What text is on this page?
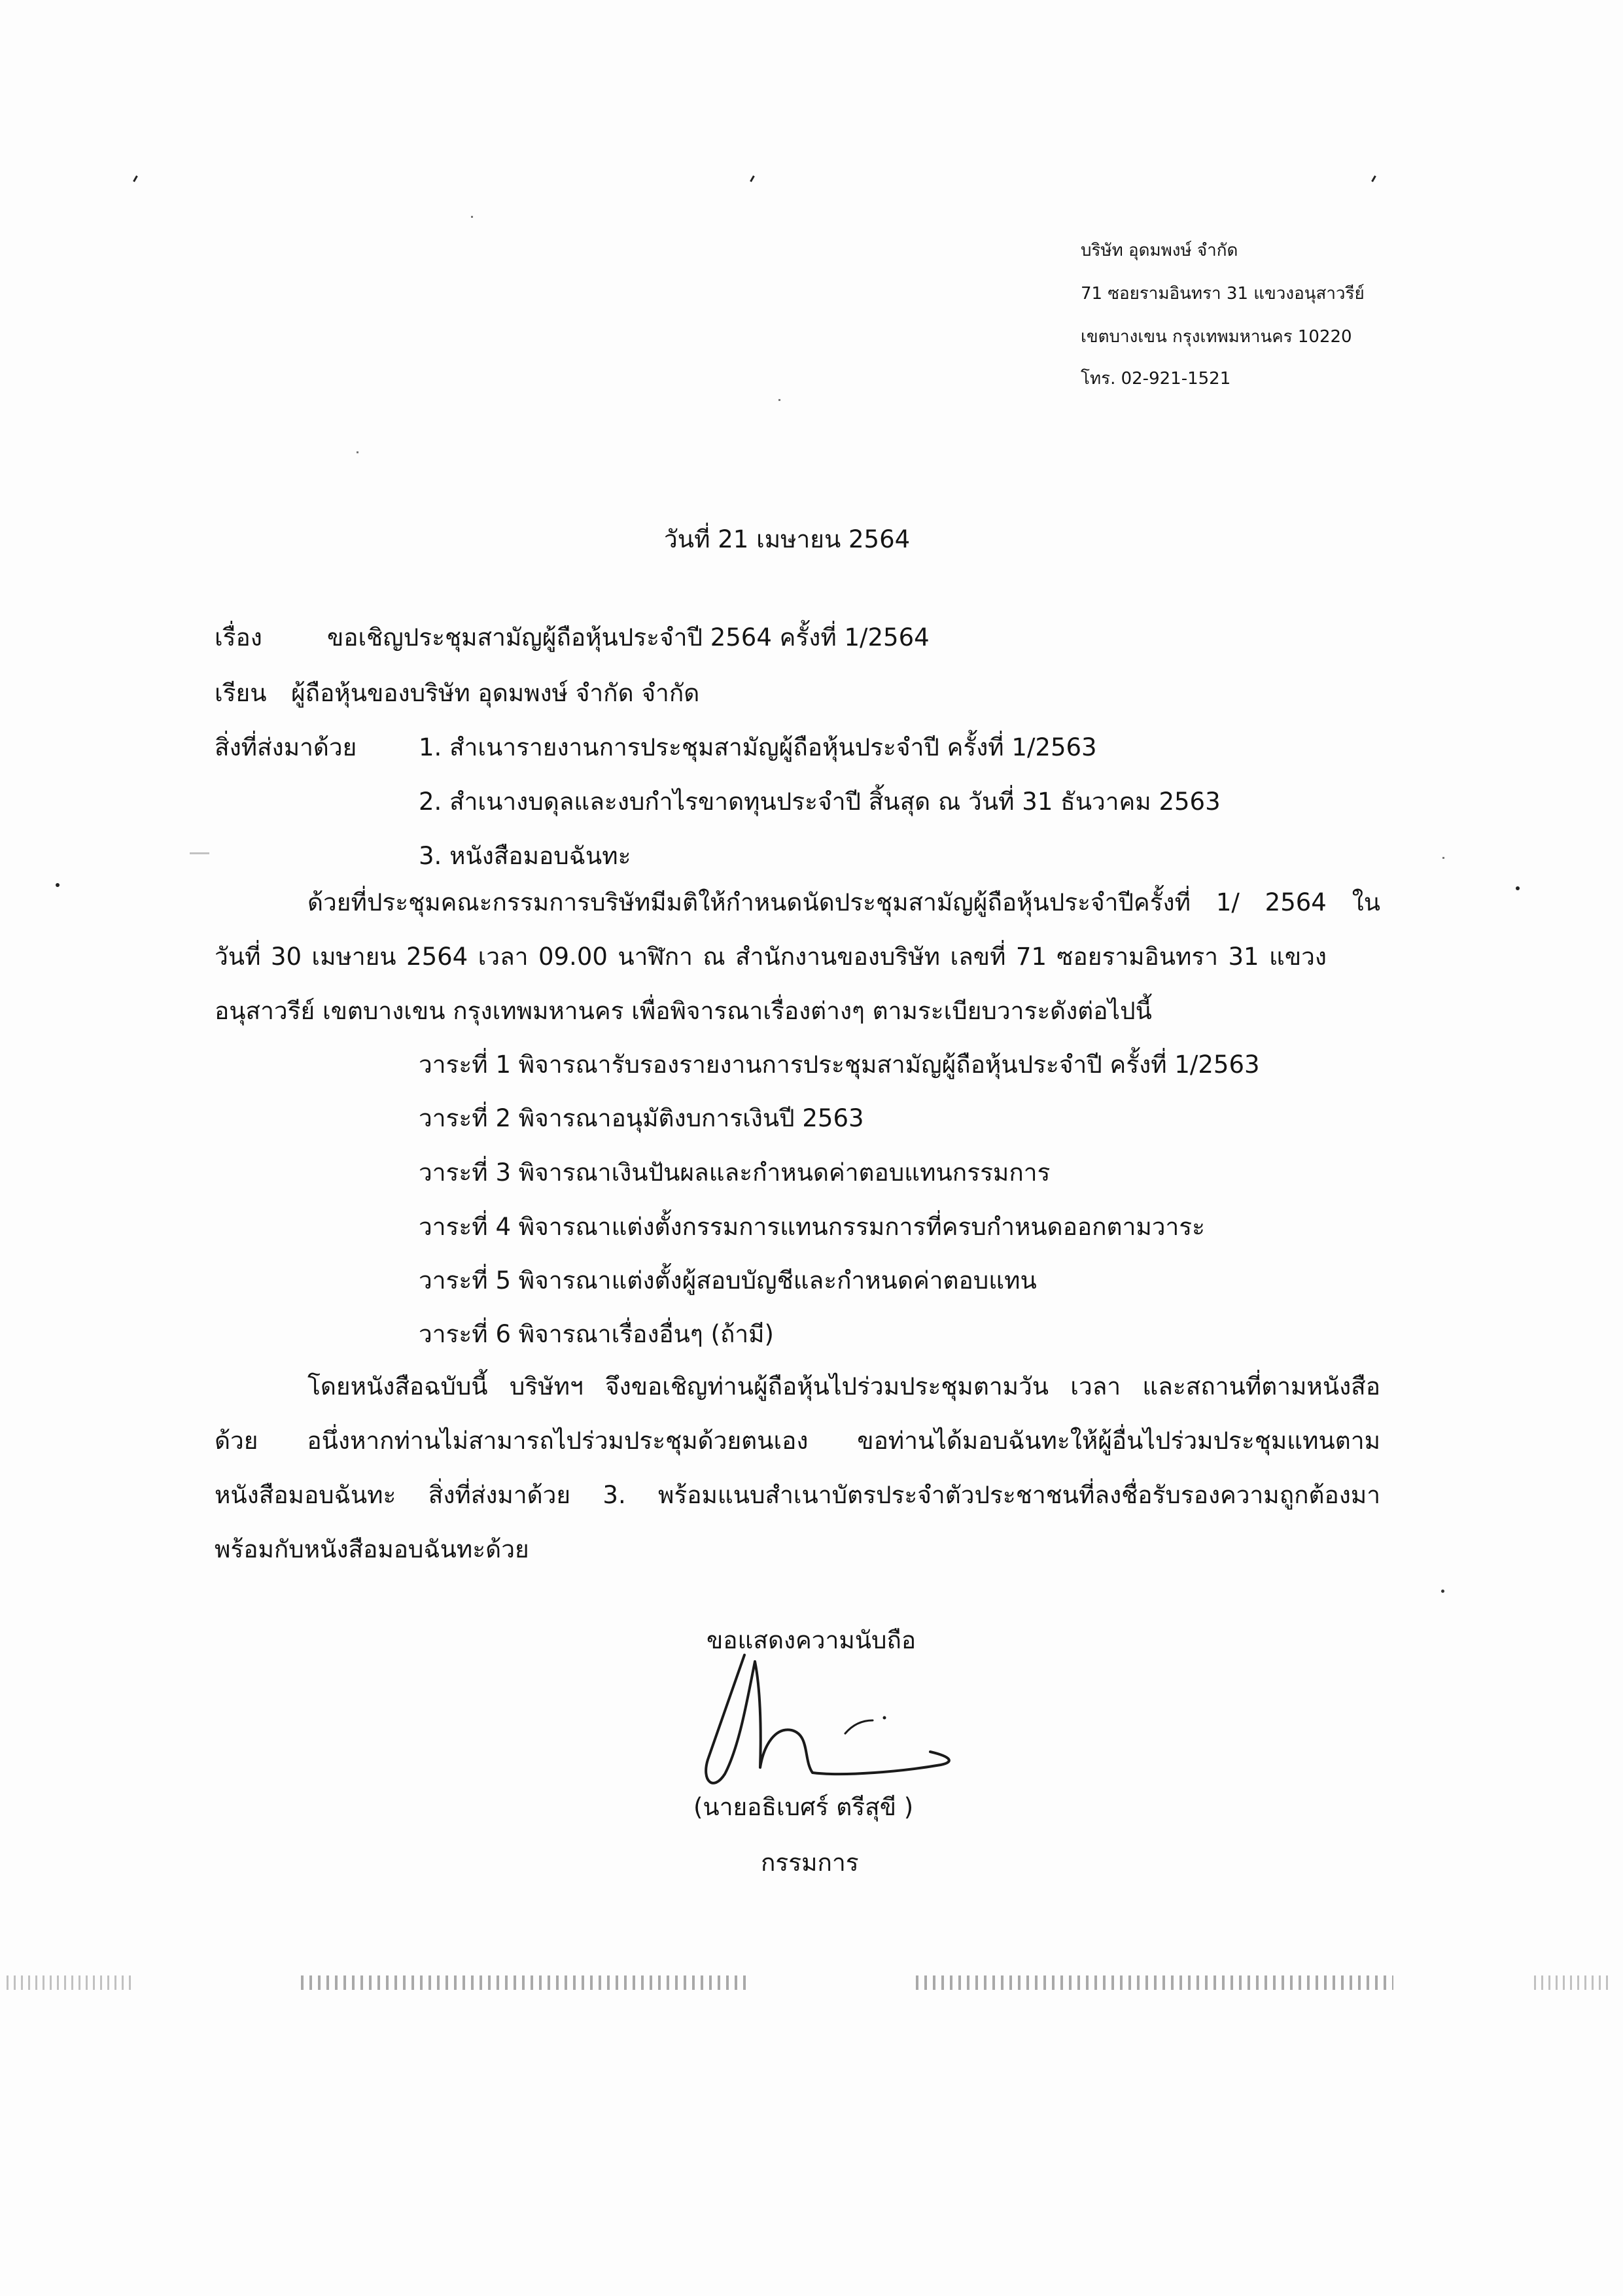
บริษัท อุดมพงษ์ จำกัด
71 ซอยรามอินทรา 31 แขวงอนุสาวรีย์
เขตบางเขน กรุงเทพมหานคร 10220
โทร. 02-921-1521
วันที่ 21 เมษายน 2564
เรื่อง	ขอเชิญประชุมสามัญผู้ถือหุ้นประจำปี 2564 ครั้งที่ 1/2564
เรียน ผู้ถือหุ้นของบริษัท อุดมพงษ์ จำกัด จำกัด
สิ่งที่ส่งมาด้วย	1. สำเนารายงานการประชุมสามัญผู้ถือหุ้นประจำปี ครั้งที่ 1/2563
2. สำเนางบดุลและงบกำไรขาดทุนประจำปี สิ้นสุด ณ วันที่ 31 ธันวาคม 2563
3. หนังสือมอบฉันทะ
ด้วยที่ประชุมคณะกรรมการบริษัทมีมติให้กำหนดนัดประชุมสามัญผู้ถือหุ้นประจำปีครั้งที่ 1/ 2564 ใน
วันที่ 30 เมษายน 2564 เวลา 09.00 นาฬิกา ณ สำนักงานของบริษัท เลขที่ 71 ซอยรามอินทรา 31 แขวง
อนุสาวรีย์ เขตบางเขน กรุงเทพมหานคร เพื่อพิจารณาเรื่องต่างๆ ตามระเบียบวาระดังต่อไปนี้
วาระที่ 1 พิจารณารับรองรายงานการประชุมสามัญผู้ถือหุ้นประจำปี ครั้งที่ 1/2563
วาระที่ 2 พิจารณาอนุมัติงบการเงินปี 2563
วาระที่ 3 พิจารณาเงินปันผลและกำหนดค่าตอบแทนกรรมการ
วาระที่ 4 พิจารณาแต่งตั้งกรรมการแทนกรรมการที่ครบกำหนดออกตามวาระ
วาระที่ 5 พิจารณาแต่งตั้งผู้สอบบัญชีและกำหนดค่าตอบแทน
วาระที่ 6 พิจารณาเรื่องอื่นๆ (ถ้ามี)
โดยหนังสือฉบับนี้ บริษัทฯ จึงขอเชิญท่านผู้ถือหุ้นไปร่วมประชุมตามวัน เวลา และสถานที่ตามหนังสือ
ด้วย อนึ่งหากท่านไม่สามารถไปร่วมประชุมด้วยตนเอง ขอท่านได้มอบฉันทะให้ผู้อื่นไปร่วมประชุมแทนตาม
หนังสือมอบฉันทะ สิ่งที่ส่งมาด้วย 3. พร้อมแนบสำเนาบัตรประจำตัวประชาชนที่ลงชื่อรับรองความถูกต้องมา
พร้อมกับหนังสือมอบฉันทะด้วย
ขอแสดงความนับถือ
(นายอธิเบศร์ ตรีสุขี )
กรรมการ
